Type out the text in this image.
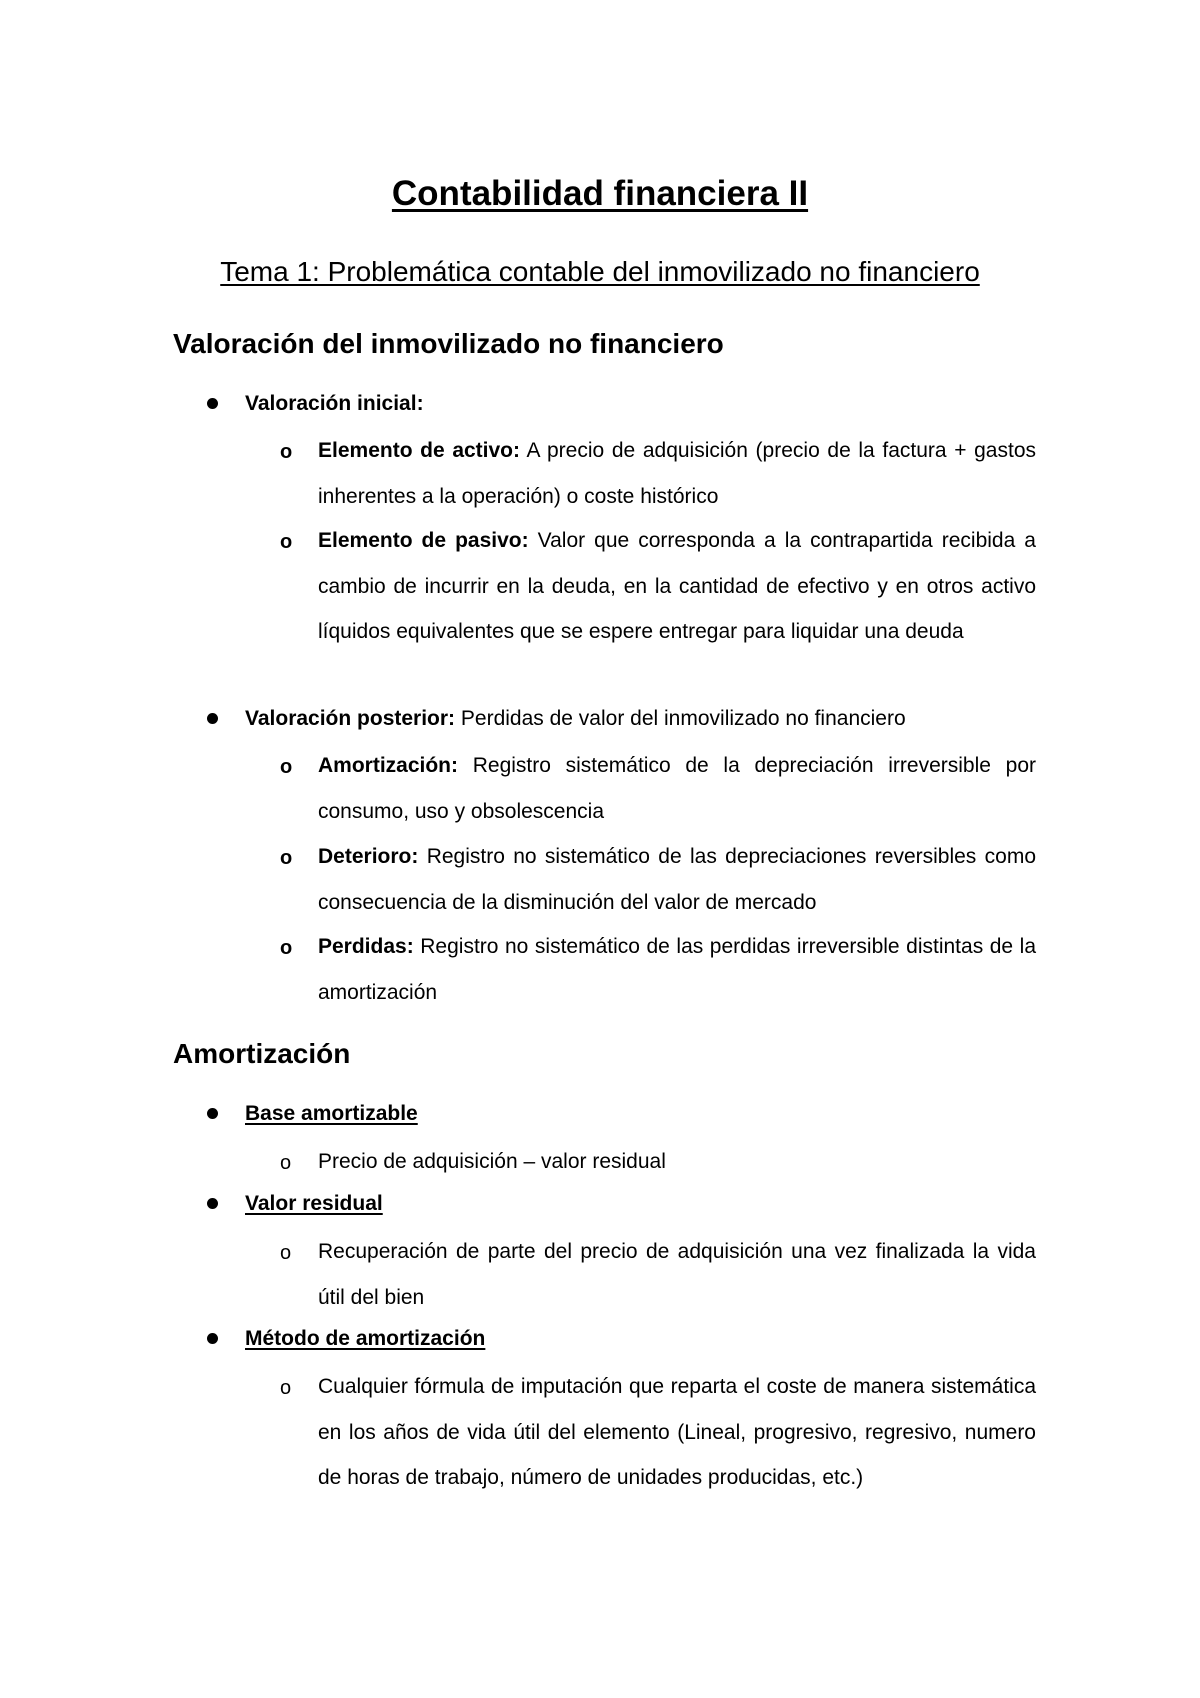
Contabilidad financiera II
Tema 1: Problemática contable del inmovilizado no financiero
Valoración del inmovilizado no financiero
Valoración inicial:
o Elemento de activo: A precio de adquisición (precio de la factura + gastos inherentes a la operación) o coste histórico
o Elemento de pasivo: Valor que corresponda a la contrapartida recibida a cambio de incurrir en la deuda, en la cantidad de efectivo y en otros activo líquidos equivalentes que se espere entregar para liquidar una deuda
Valoración posterior: Perdidas de valor del inmovilizado no financiero
o Amortización: Registro sistemático de la depreciación irreversible por consumo, uso y obsolescencia
o Deterioro: Registro no sistemático de las depreciaciones reversibles como consecuencia de la disminución del valor de mercado
o Perdidas: Registro no sistemático de las perdidas irreversible distintas de la amortización
Amortización
Base amortizable
o Precio de adquisición – valor residual
Valor residual
o Recuperación de parte del precio de adquisición una vez finalizada la vida útil del bien
Método de amortización
o Cualquier fórmula de imputación que reparta el coste de manera sistemática en los años de vida útil del elemento (Lineal, progresivo, regresivo, numero de horas de trabajo, número de unidades producidas, etc.)
